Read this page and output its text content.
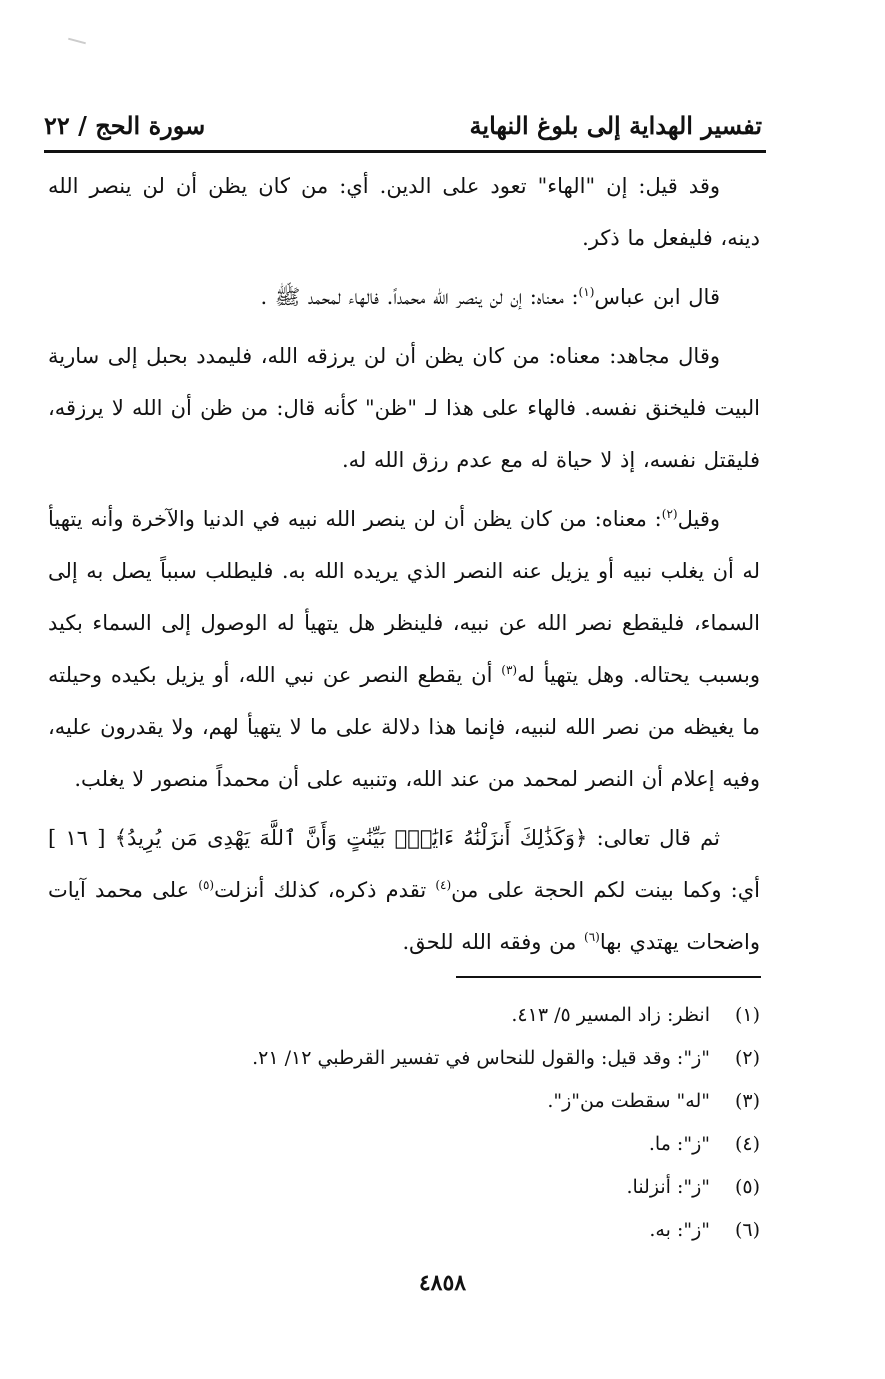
تفسير الهداية إلى بلوغ النهاية
سورة الحج / ٢٢

وقد قيل: إن "الهاء" تعود على الدين. أي: من كان يظن أن لن ينصر الله دينه، فليفعل ما ذكر.

قال ابن عباس$^{(١)}$: معناه: إن لن ينصر الله محمداً. فالهاء لمحمد ﷺ .

وقال مجاهد: معناه: من كان يظن أن لن يرزقه الله، فليمدد بحبل إلى سارية البيت فليخنق نفسه. فالهاء على هذا لـ "ظن" كأنه قال: من ظن أن الله لا يرزقه، فليقتل نفسه، إذ لا حياة له مع عدم رزق الله له.

وقيل$^{(٢)}$: معناه: من كان يظن أن لن ينصر الله نبيه في الدنيا والآخرة وأنه يتهيأ له أن يغلب نبيه أو يزيل عنه النصر الذي يريده الله به. فليطلب سبباً يصل به إلى السماء، فليقطع نصر الله عن نبيه، فلينظر هل يتهيأ له الوصول إلى السماء بكيد وبسبب يحتاله. وهل يتهيأ له$^{(٣)}$ أن يقطع النصر عن نبي الله، أو يزيل بكيده وحيلته ما يغيظه من نصر الله لنبيه، فإنما هذا دلالة على ما لا يتهيأ لهم، ولا يقدرون عليه، وفيه إعلام أن النصر لمحمد من عند الله، وتنبيه على أن محمداً منصور لا يغلب.

ثم قال تعالى: ﴿وَكَذَٰلِكَ أَنزَلْنَٰهُ ءَايَٰتٍۭ بَيِّنَٰتٍ وَأَنَّ ٱللَّهَ يَهْدِى مَن يُرِيدُ﴾ [ ١٦ ] أي: وكما بينت لكم الحجة على من$^{(٤)}$ تقدم ذكره، كذلك أنزلت$^{(٥)}$ على محمد آيات واضحات يهتدي بها$^{(٦)}$ من وفقه الله للحق.

(١)انظر: زاد المسير ٥/ ٤١٣.
(٢)"ز": وقد قيل: والقول للنحاس في تفسير القرطبي ١٢/ ٢١.
(٣)"له" سقطت من"ز".
(٤)"ز": ما.
(٥)"ز": أنزلنا.
(٦)"ز": به.
٤٨٥٨
